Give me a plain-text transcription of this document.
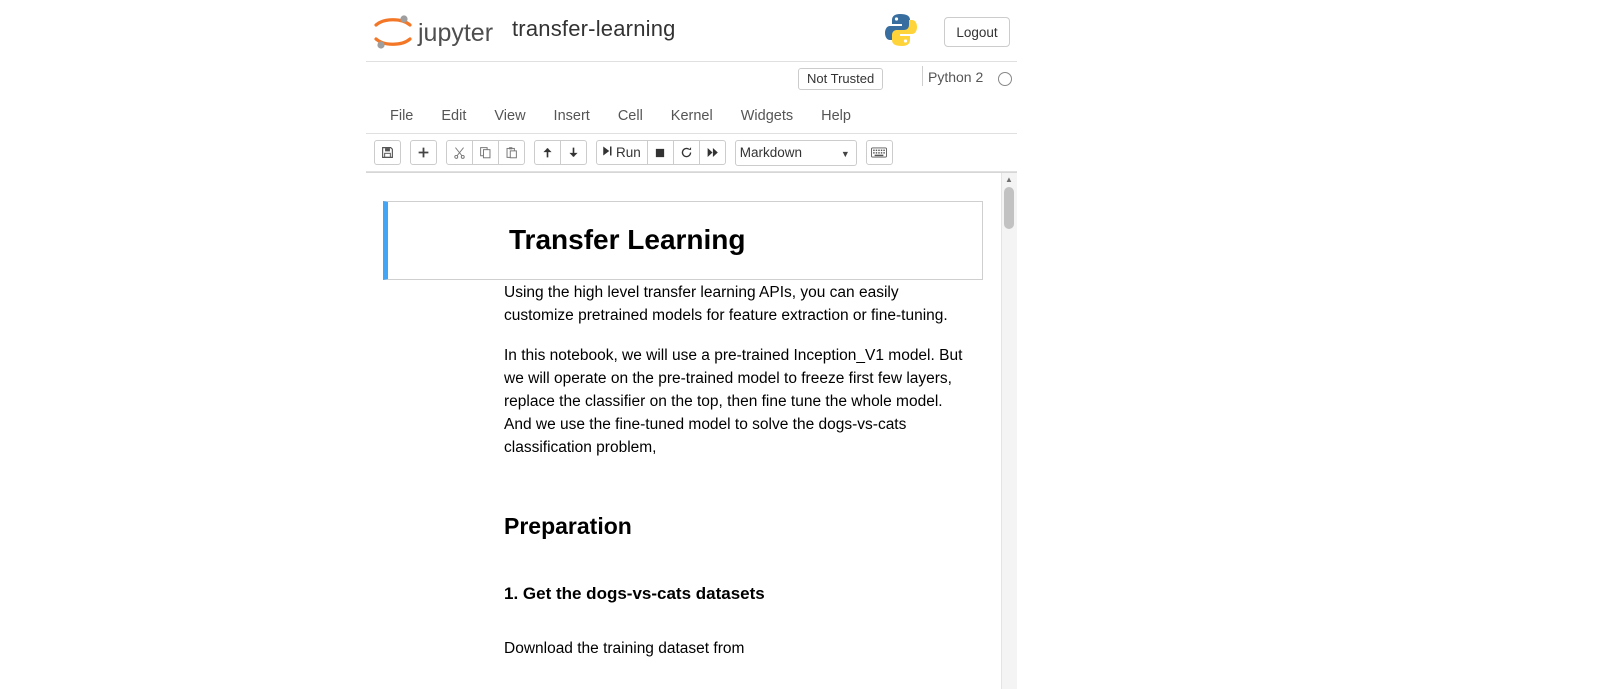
jupyter transfer-learning	Logout
Not Trusted	Python 2
File	Edit	View	Insert	Cell	Kernel	Widgets	Help
Run
Markdown	▼
▲
Transfer Learning

Using the high level transfer learning APIs, you can easily customize pretrained models for feature extraction or fine-tuning.

In this notebook, we will use a pre-trained Inception_V1 model. But we will operate on the pre-trained model to freeze first few layers, replace the classifier on the top, then fine tune the whole model. And we use the fine-tuned model to solve the dogs-vs-cats classification problem,

Preparation
1. Get the dogs-vs-cats datasets

Download the training dataset from
